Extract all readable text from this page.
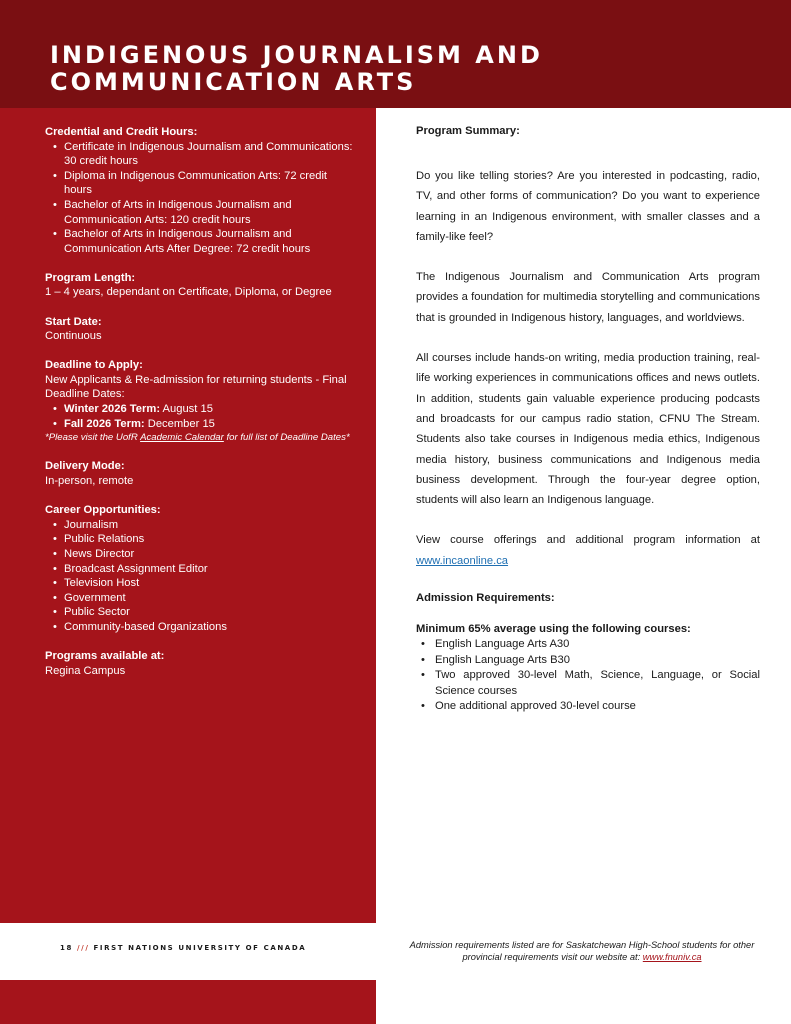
INDIGENOUS JOURNALISM AND COMMUNICATION ARTS
Credential and Credit Hours:
• Certificate in Indigenous Journalism and Communications: 30 credit hours
• Diploma in Indigenous Communication Arts: 72 credit hours
• Bachelor of Arts in Indigenous Journalism and Communication Arts: 120 credit hours
• Bachelor of Arts in Indigenous Journalism and Communication Arts After Degree: 72 credit hours
Program Length:
1 – 4 years, dependant on Certificate, Diploma, or Degree
Start Date:
Continuous
Deadline to Apply:
New Applicants & Re-admission for returning students - Final Deadline Dates:
• Winter 2026 Term: August 15
• Fall 2026 Term: December 15
*Please visit the UofR Academic Calendar for full list of Deadline Dates*
Delivery Mode:
In-person, remote
Career Opportunities:
• Journalism
• Public Relations
• News Director
• Broadcast Assignment Editor
• Television Host
• Government
• Public Sector
• Community-based Organizations
Programs available at:
Regina Campus
Program Summary:

Do you like telling stories? Are you interested in podcasting, radio, TV, and other forms of communication? Do you want to experience learning in an Indigenous environment, with smaller classes and a family-like feel?

The Indigenous Journalism and Communication Arts program provides a foundation for multimedia storytelling and communications that is grounded in Indigenous history, languages, and worldviews.

All courses include hands-on writing, media production training, real-life working experiences in communications offices and news outlets. In addition, students gain valuable experience producing podcasts and broadcasts for our campus radio station, CFNU The Stream. Students also take courses in Indigenous media ethics, Indigenous media history, business communications and Indigenous media business development. Through the four-year degree option, students will also learn an Indigenous language.

View course offerings and additional program information at www.incaonline.ca

Admission Requirements:
Minimum 65% average using the following courses:
• English Language Arts A30
• English Language Arts B30
• Two approved 30-level Math, Science, Language, or Social Science courses
• One additional approved 30-level course
18 /// FIRST NATIONS UNIVERSITY OF CANADA	Admission requirements listed are for Saskatchewan High-School students for other provincial requirements visit our website at: www.fnuniv.ca
